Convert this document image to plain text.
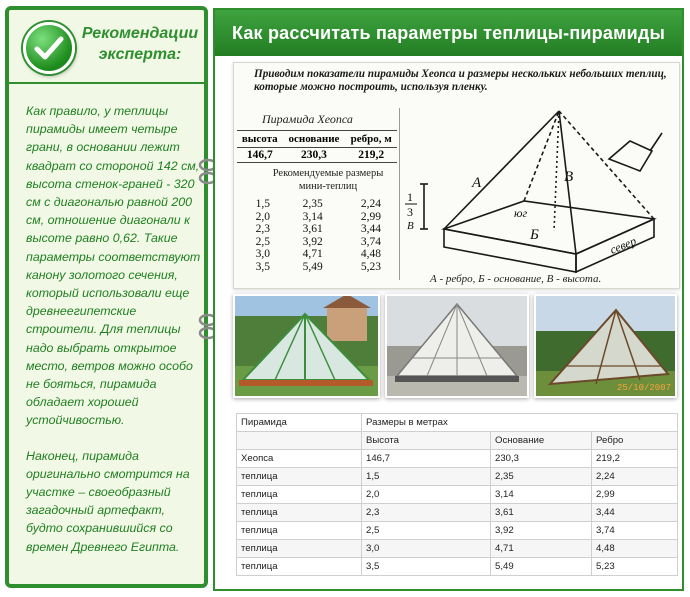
Рекомендации эксперта:

Как правило, у теплицы пирамиды имеет четыре грани, в основании лежит квадрат со стороной 142 см, высота стенок-граней - 320 см с диагональю равной 200 см, отношение диагонали к высоте равно 0,62. Такие параметры соответствуют канону золотого сечения, который использовали еще древнеегипетские строители. Для теплицы надо выбрать открытое место, ветров можно особо не бояться, пирамида обладает хорошей устойчивостью.

Наконец, пирамида оригинально смотрится на участке – своеобразный загадочный артефакт, будто сохранившийся со времен Древнего Египта.

Как рассчитать параметры теплицы-пирамиды

Приводим показатели пирамиды Хеопса и размеры нескольких небольших теплиц, которые можно построить, используя пленку.

Пирамида Хеопса
высота	основание	ребро, м
146,7	230,3	219,2
Рекомендуемые размеры мини-теплиц
1,5	2,35	2,24
2,0	3,14	2,99
2,3	3,61	3,44
2,5	3,92	3,74
3,0	4,71	4,48
3,5	5,49	5,23
А	В
Б
юг
север
1
3
В
А - ребро, Б - основание, В - высота.
25/10/2007
Пирамида	Размеры в метрах		
	Высота	Основание	Ребро
Хеопса	146,7	230,3	219,2
теплица	1,5	2,35	2,24
теплица	2,0	3,14	2,99
теплица	2,3	3,61	3,44
теплица	2,5	3,92	3,74
теплица	3,0	4,71	4,48
теплица	3,5	5,49	5,23
